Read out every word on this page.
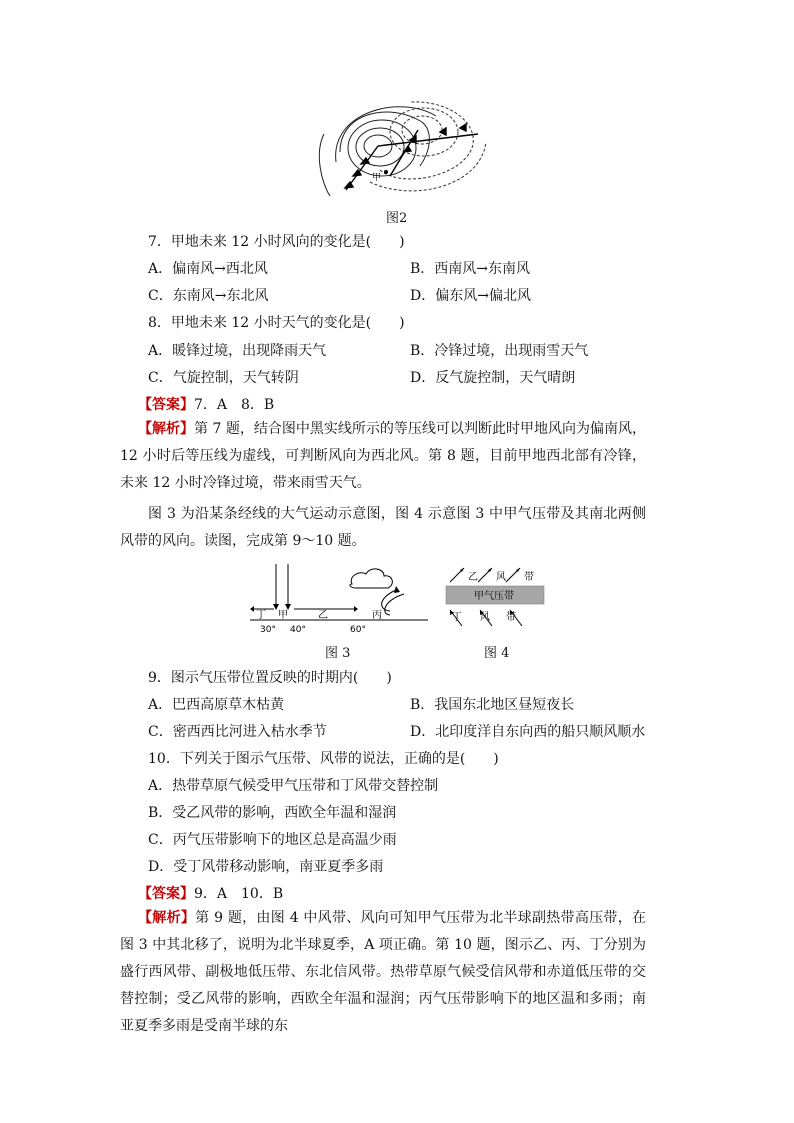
甲
图2
7．甲地未来 12 小时风向的变化是(　　)
A．偏南风→西北风	B．西南风→东南风
C．东南风→东北风	D．偏东风→偏北风
8．甲地未来 12 小时天气的变化是(　　)
A．暖锋过境，出现降雨天气	B．冷锋过境，出现雨雪天气
C．气旋控制，天气转阴	D．反气旋控制，天气晴朗
【答案】7．A　8．B
【解析】第 7 题，结合图中黑实线所示的等压线可以判断此时甲地风向为偏南风，12 小时后等压线为虚线，可判断风向为西北风。第 8 题，目前甲地西北部有冷锋，未来 12 小时冷锋过境，带来雨雪天气。
图 3 为沿某条经线的大气运动示意图，图 4 示意图 3 中甲气压带及其南北两侧风带的风向。读图，完成第 9～10 题。
丁 甲	乙	丙
30° 40°	60°
图 3
乙 风 带
甲气压带
丁 风 带
图 4
9．图示气压带位置反映的时期内(　　)
A．巴西高原草木枯黄	B．我国东北地区昼短夜长
C．密西西比河进入枯水季节	D．北印度洋自东向西的船只顺风顺水
10．下列关于图示气压带、风带的说法，正确的是(　　)
A．热带草原气候受甲气压带和丁风带交替控制
B．受乙风带的影响，西欧全年温和湿润
C．丙气压带影响下的地区总是高温少雨
D．受丁风带移动影响，南亚夏季多雨
【答案】9．A　10．B
【解析】第 9 题，由图 4 中风带、风向可知甲气压带为北半球副热带高压带，在图 3 中其北移了，说明为北半球夏季，A 项正确。第 10 题，图示乙、丙、丁分别为盛行西风带、副极地低压带、东北信风带。热带草原气候受信风带和赤道低压带的交替控制；受乙风带的影响，西欧全年温和湿润；丙气压带影响下的地区温和多雨；南亚夏季多雨是受南半球的东
